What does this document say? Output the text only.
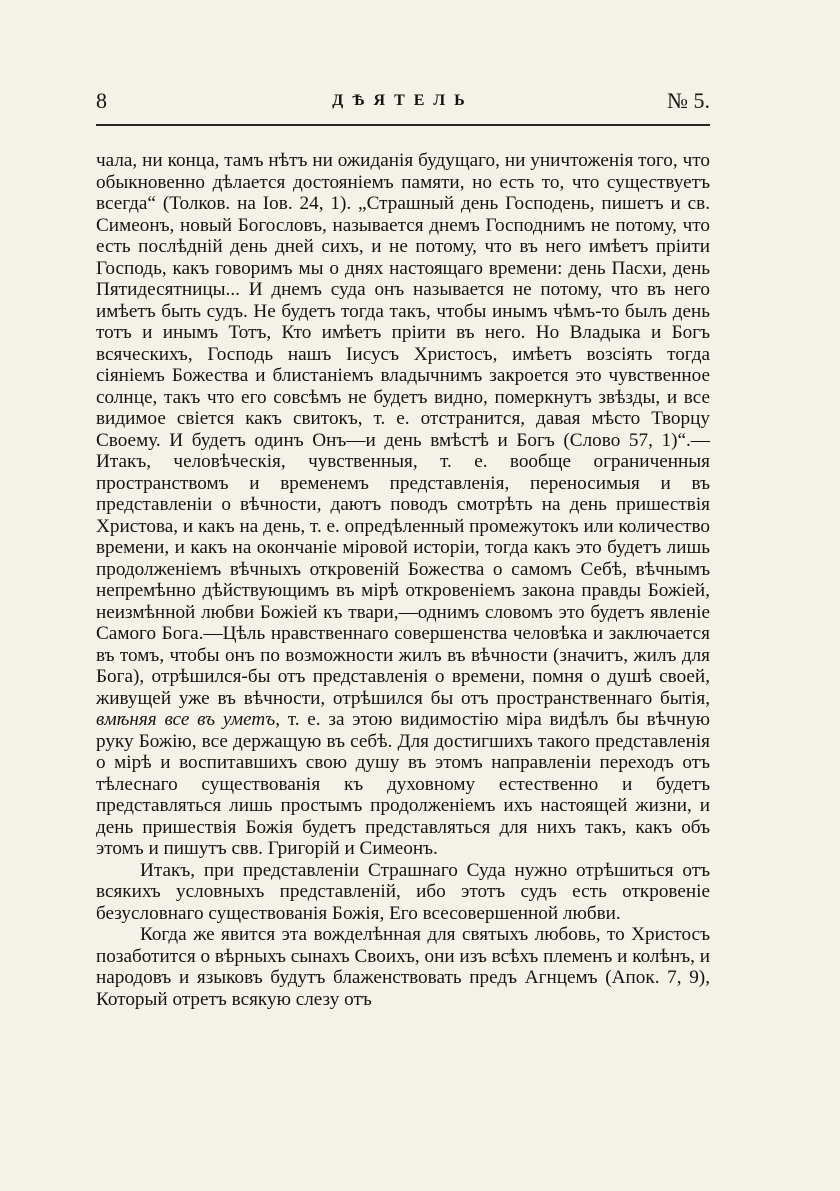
8	ДѢЯТЕЛЬ	№ 5.

чала, ни конца, тамъ нѣтъ ни ожиданія будущаго, ни уничтоженія того, что обыкновенно дѣлается достояніемъ памяти, но есть то, что существуетъ всегда“ (Толков. на Іов. 24, 1). „Страшный день Господень, пишетъ и св. Симеонъ, новый Богословъ, называется днемъ Господнимъ не потому, что есть послѣдній день дней сихъ, и не потому, что въ него имѣетъ пріити Господь, какъ говоримъ мы о днях настоящаго времени: день Пасхи, день Пятидесятницы... И днемъ суда онъ называется не потому, что въ него имѣетъ быть судъ. Не будетъ тогда такъ, чтобы инымъ чѣмъ-то былъ день тотъ и инымъ Тотъ, Кто имѣетъ пріити въ него. Но Владыка и Богъ всяческихъ, Господь нашъ Іисусъ Христосъ, имѣетъ возсіять тогда сіяніемъ Божества и блистаніемъ владычнимъ закроется это чувственное солнце, такъ что его совсѣмъ не будетъ видно, померкнутъ звѣзды, и все видимое свіется какъ свитокъ, т. е. отстранится, давая мѣсто Творцу Своему. И будетъ одинъ Онъ—и день вмѣстѣ и Богъ (Слово 57, 1)“.—Итакъ, человѣческія, чувственныя, т. е. вообще ограниченныя пространствомъ и временемъ представленія, переносимыя и въ представленіи о вѣчности, даютъ поводъ смотрѣть на день пришествія Христова, и какъ на день, т. е. опредѣленный промежутокъ или количество времени, и какъ на окончаніе міровой исторіи, тогда какъ это будетъ лишь продолженіемъ вѣчныхъ откровеній Божества о самомъ Себѣ, вѣчнымъ непремѣнно дѣйствующимъ въ мірѣ откровеніемъ закона правды Божіей, неизмѣнной любви Божіей къ твари,—однимъ словомъ это будетъ явленіе Самого Бога.—Цѣль нравственнаго совершенства человѣка и заключается въ томъ, чтобы онъ по возможности жилъ въ вѣчности (значитъ, жилъ для Бога), отрѣшился-бы отъ представленія о времени, помня о душѣ своей, живущей уже въ вѣчности, отрѣшился бы отъ пространственнаго бытія, вмѣняя все въ уметъ, т. е. за этою видимостію міра видѣлъ бы вѣчную руку Божію, все держащую въ себѣ. Для достигшихъ такого представленія о мірѣ и воспитавшихъ свою душу въ этомъ направленіи переходъ отъ тѣлеснаго существованія къ духовному естественно и будетъ представляться лишь простымъ продолженіемъ ихъ настоящей жизни, и день пришествія Божія будетъ представляться для нихъ такъ, какъ объ этомъ и пишутъ свв. Григорій и Симеонъ.

Итакъ, при представленіи Страшнаго Суда нужно отрѣшиться отъ всякихъ условныхъ представленій, ибо этотъ судъ есть откровеніе безусловнаго существованія Божія, Его всесовершенной любви.

Когда же явится эта вожделѣнная для святыхъ любовь, то Христосъ позаботится о вѣрныхъ сынахъ Своихъ, они изъ всѣхъ племенъ и колѣнъ, и народовъ и языковъ будутъ блаженствовать предъ Агнцемъ (Апок. 7, 9), Который отретъ всякую слезу отъ
